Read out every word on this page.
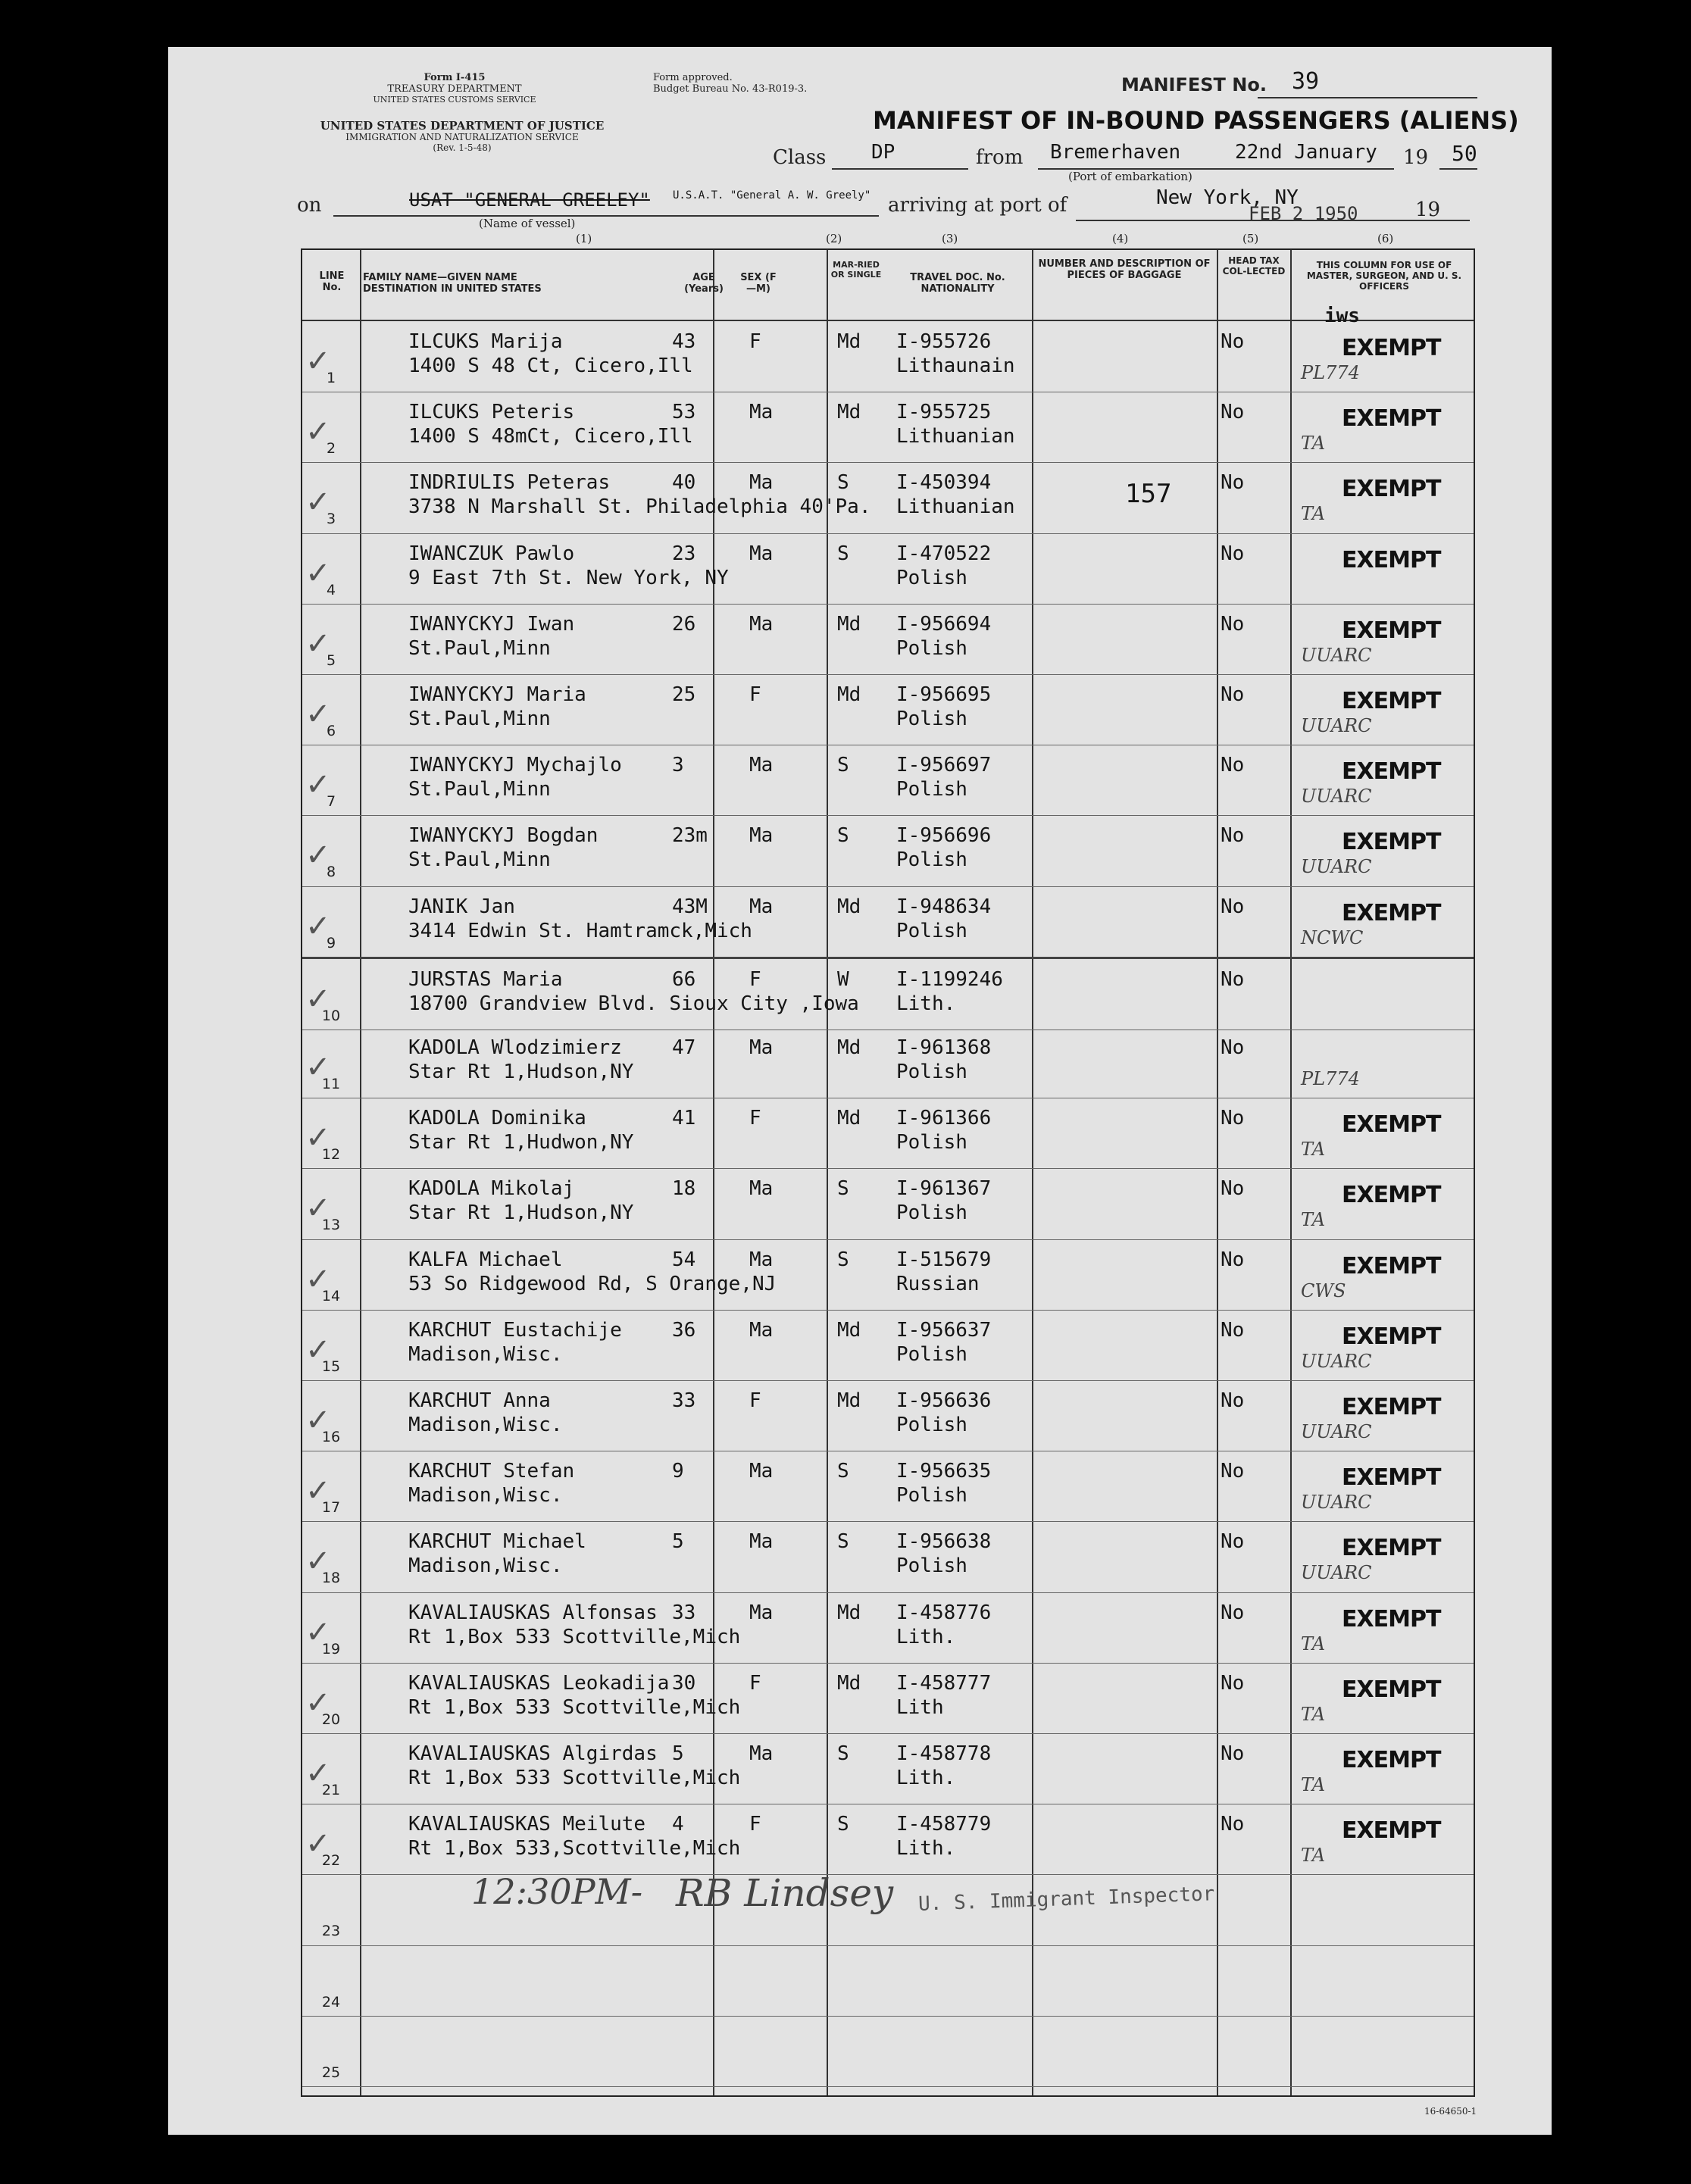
Form I-415
TREASURY DEPARTMENT
UNITED STATES CUSTOMS SERVICE
Form approved.
Budget Bureau No. 43-R019-3.
UNITED STATES DEPARTMENT OF JUSTICE
IMMIGRATION AND NATURALIZATION SERVICE
(Rev. 1-5-48)
MANIFEST No. 39
MANIFEST OF IN-BOUND PASSENGERS (ALIENS)
Class DP	from Bremerhaven	22nd January 19 50
(Port of embarkation)
on	USAT "GENERAL GREELEY" U.S.A.T. "General A. W. Greely"
(Name of vessel)
arriving at port of	New York, NY
FEB 2 1950	19
(1)	(2)	(3)	(4)	(5)	(6)
LINE No.
FAMILY NAME—GIVEN NAME DESTINATION IN UNITED STATES
AGE (Years)
SEX (F—M)
MAR-RIED OR SINGLE	TRAVEL DOC. No. NATIONALITY
NUMBER AND DESCRIPTION OF PIECES OF BAGGAGE
HEAD TAX COL-LECTED
THIS COLUMN FOR USE OF MASTER, SURGEON, AND U. S. OFFICERS
1
ILCUKS Marija
1400 S 48 Ct, Cicero,Ill
43	F	Md I-955726
Lithaunain
No	EXEMPT
PL774
✓
2
ILCUKS Peteris
1400 S 48mCt, Cicero,Ill
53	Ma	Md I-955725
Lithuanian
No	EXEMPT
TA
✓
3
INDRIULIS Peteras
3738 N Marshall St. Philadelphia 40'Pa.
40	Ma	S I-450394
Lithuanian	157 No	EXEMPT
TA
✓
4
IWANCZUK Pawlo
9 East 7th St. New York, NY
23	Ma	S I-470522
Polish
No	EXEMPT
✓
5
IWANYCKYJ Iwan
St.Paul,Minn
26	Ma	Md I-956694
Polish
No	EXEMPT
UUARC
✓
6
IWANYCKYJ Maria
St.Paul,Minn
25	F	Md I-956695
Polish
No	EXEMPT
UUARC
✓
7
IWANYCKYJ Mychajlo
St.Paul,Minn
3	Ma	S I-956697
Polish
No	EXEMPT
UUARC
✓
8
IWANYCKYJ Bogdan
St.Paul,Minn
23m Ma	S I-956696
Polish
No	EXEMPT
UUARC
✓
9
JANIK Jan
3414 Edwin St. Hamtramck,Mich
43M Ma	Md I-948634
Polish
No	EXEMPT
NCWC
✓
10
JURSTAS Maria
18700 Grandview Blvd. Sioux City ,Iowa
66	F	W I-1199246
Lith.
No
✓
11
KADOLA Wlodzimierz
Star Rt 1,Hudson,NY
47	Ma	Md I-961368
Polish
No
PL774
✓
12
KADOLA Dominika
Star Rt 1,Hudwon,NY
41	F	Md I-961366
Polish
No	EXEMPT
TA
✓
13
KADOLA Mikolaj
Star Rt 1,Hudson,NY
18	Ma	S I-961367
Polish
No	EXEMPT
TA
✓
14
KALFA Michael
53 So Ridgewood Rd, S Orange,NJ
54	Ma	S I-515679
Russian
No	EXEMPT
CWS
✓
15
KARCHUT Eustachije
Madison,Wisc.
36	Ma	Md I-956637
Polish
No	EXEMPT
UUARC
✓
16
KARCHUT Anna
Madison,Wisc.
33	F	Md I-956636
Polish
No	EXEMPT
UUARC
✓
17
KARCHUT Stefan
Madison,Wisc.
9	Ma	S I-956635
Polish
No	EXEMPT
UUARC
✓
18
KARCHUT Michael
Madison,Wisc.
5	Ma	S I-956638
Polish
No	EXEMPT
UUARC
✓
19
KAVALIAUSKAS Alfonsas
Rt 1,Box 533 Scottville,Mich
33	Ma	Md I-458776
Lith.
No	EXEMPT
TA
✓
20
KAVALIAUSKAS Leokadija
Rt 1,Box 533 Scottville,Mich
30	F	Md I-458777
Lith
No	EXEMPT
TA
✓
21
KAVALIAUSKAS Algirdas
Rt 1,Box 533 Scottville,Mich
5	Ma	S I-458778
Lith.
No	EXEMPT
TA
✓
22
KAVALIAUSKAS Meilute
Rt 1,Box 533,Scottville,Mich
4	F	S I-458779
Lith.
No	EXEMPT
TA
✓
23
24
25
12:30PM- RB Lindsey U. S. Immigrant Inspector
iws
16-64650-1
